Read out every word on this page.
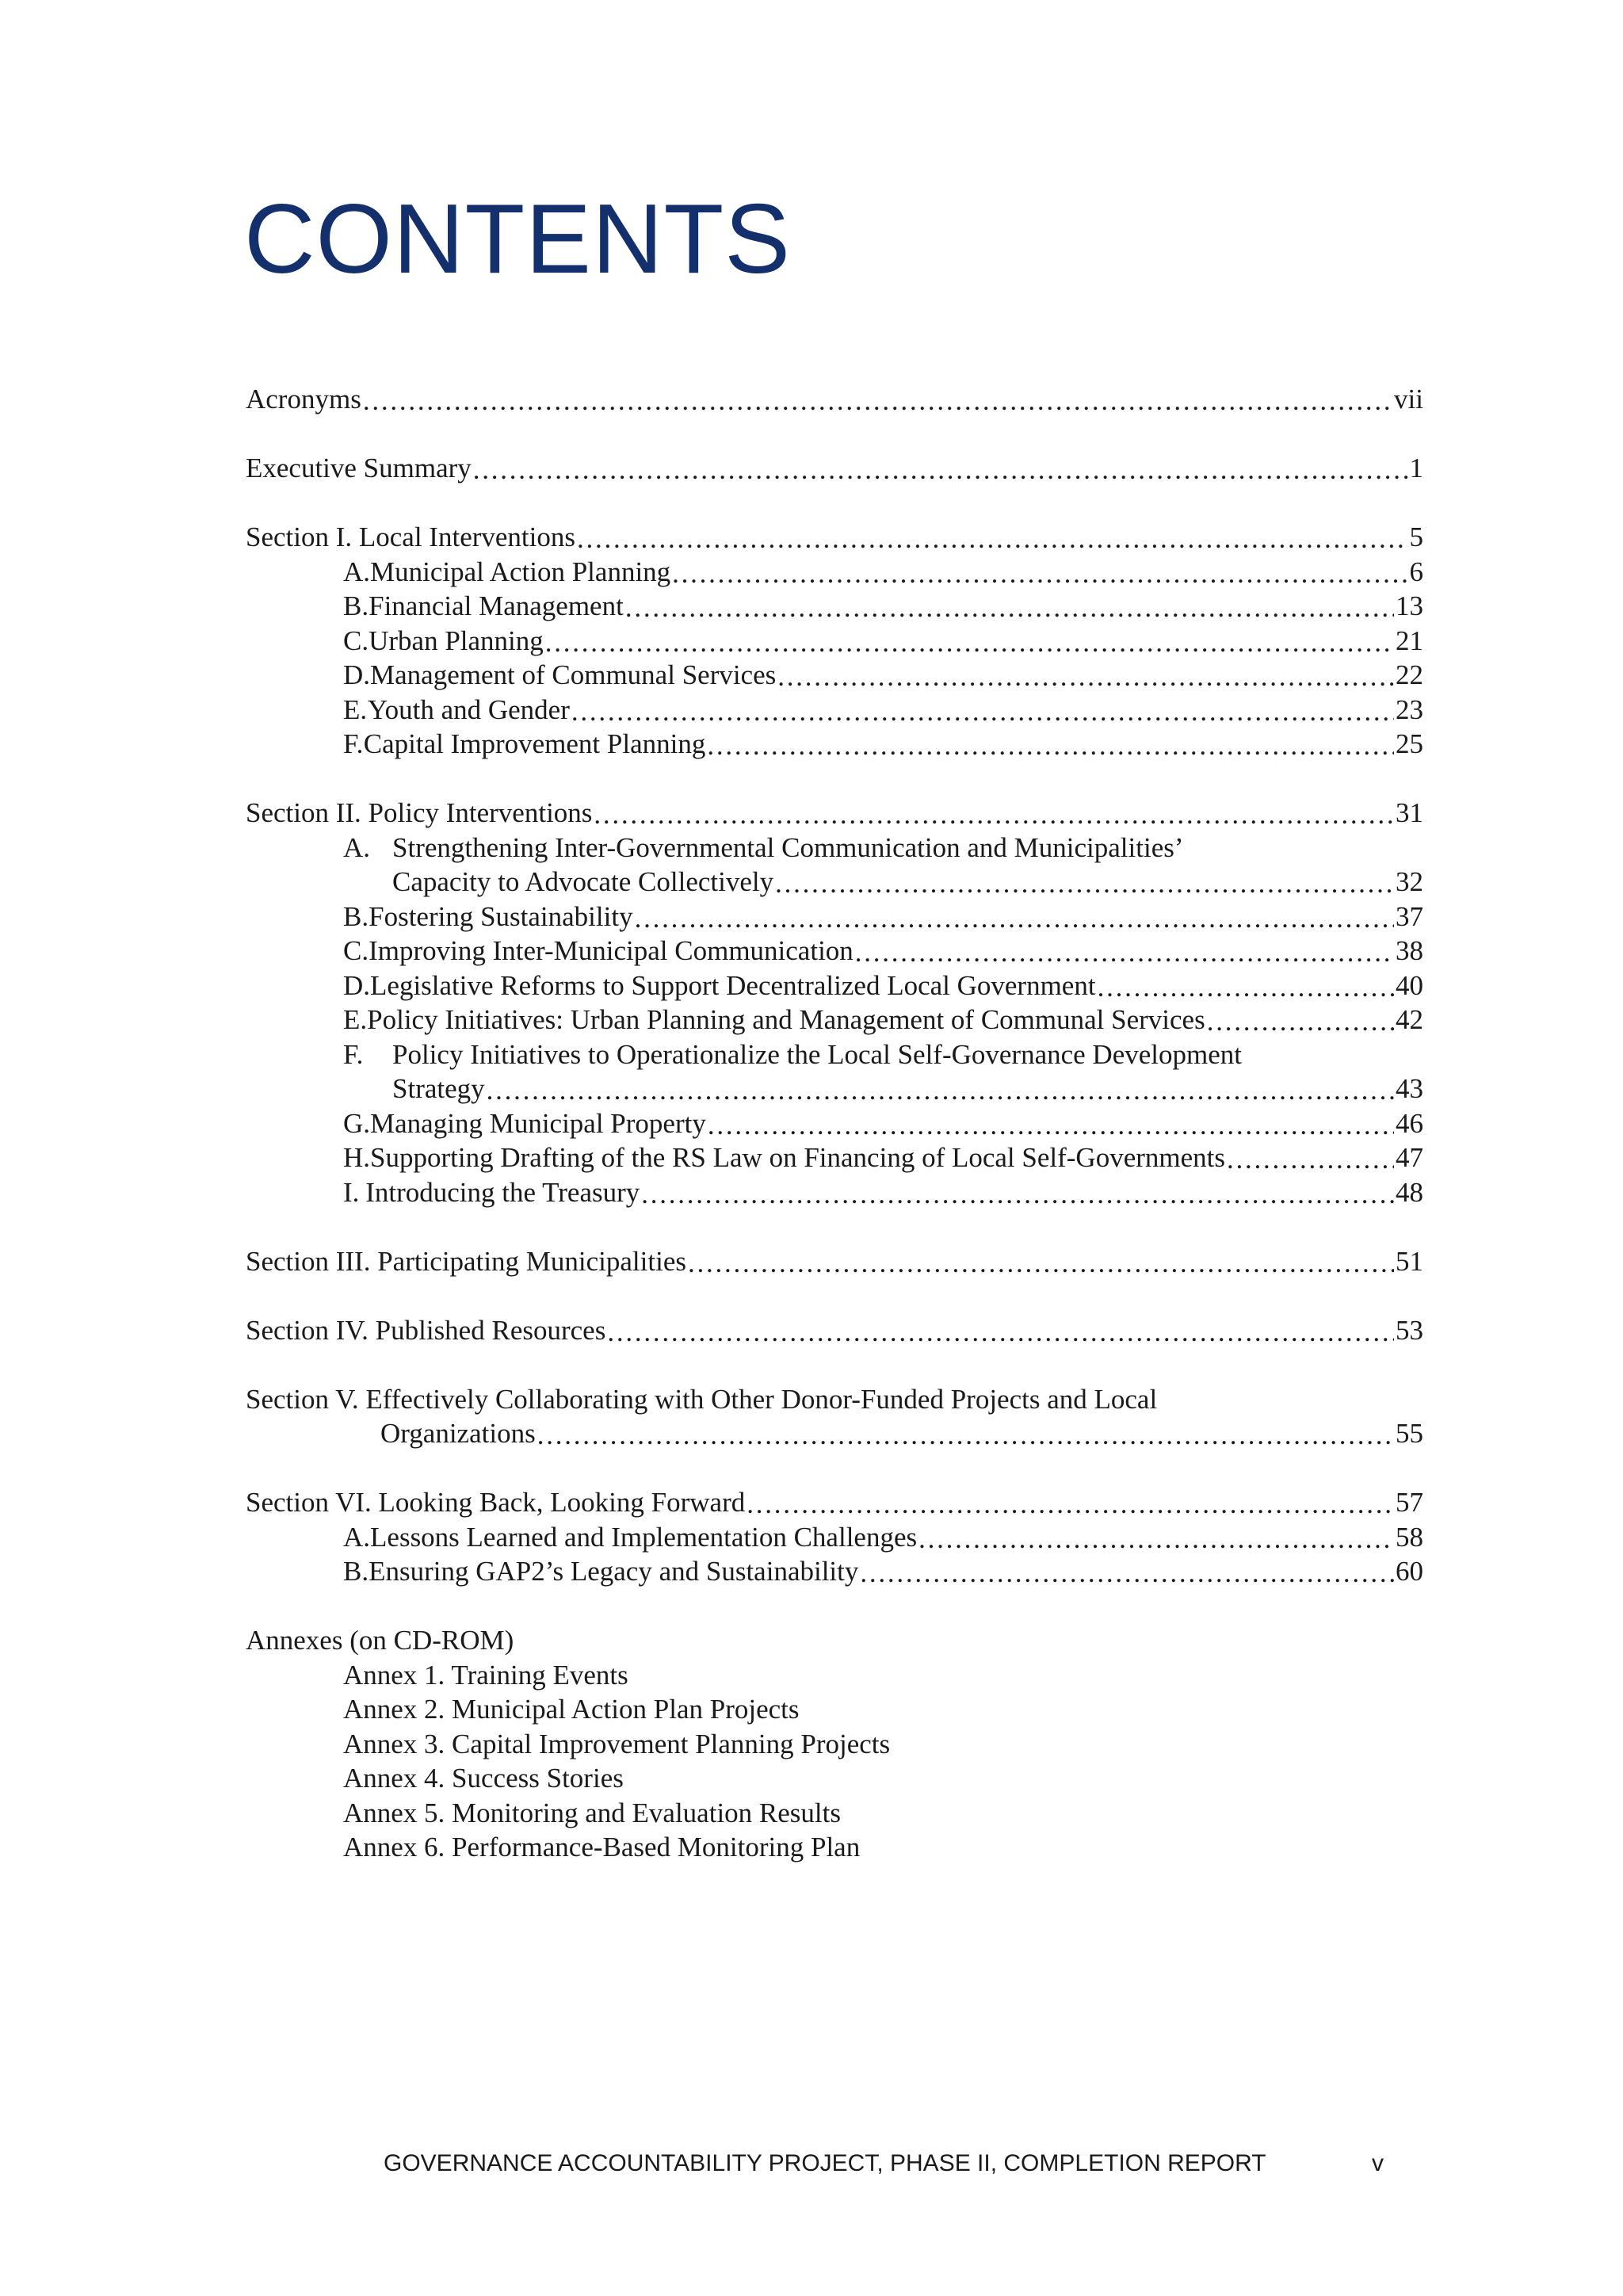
CONTENTS
Acronyms . . .	vii
Executive Summary . . .	1
Section I. Local Interventions . . .	5
A. Municipal Action Planning . . .	6
B. Financial Management . . .	13
C. Urban Planning . . .	21
D. Management of Communal Services . . .	22
E. Youth and Gender . . .	23
F. Capital Improvement Planning . . .	25
Section II. Policy Interventions . . .	31
A. Strengthening Inter-Governmental Communication and Municipalities’
Capacity to Advocate Collectively . . .	32
B. Fostering Sustainability . . .	37
C. Improving Inter-Municipal Communication . . .	38
D. Legislative Reforms to Support Decentralized Local Government . . .	40
E. Policy Initiatives: Urban Planning and Management of Communal Services . . .	42
F.	Policy Initiatives to Operationalize the Local Self-Governance Development
Strategy . . .	43
G. Managing Municipal Property . . .	46
H. Supporting Drafting of the RS Law on Financing of Local Self-Governments . . .	47
I. Introducing the Treasury . . .	48
Section III. Participating Municipalities . . .	51
Section IV. Published Resources . . .	53
Section V. Effectively Collaborating with Other Donor-Funded Projects and Local
Organizations . . .	55
Section VI. Looking Back, Looking Forward . . .	57
A. Lessons Learned and Implementation Challenges . . .	58
B. Ensuring GAP2’s Legacy and Sustainability . . .	60
Annexes (on CD-ROM)
Annex 1. Training Events
Annex 2. Municipal Action Plan Projects
Annex 3. Capital Improvement Planning Projects
Annex 4. Success Stories
Annex 5. Monitoring and Evaluation Results
Annex 6. Performance-Based Monitoring Plan
GOVERNANCE ACCOUNTABILITY PROJECT, PHASE II, COMPLETION REPORT	v
